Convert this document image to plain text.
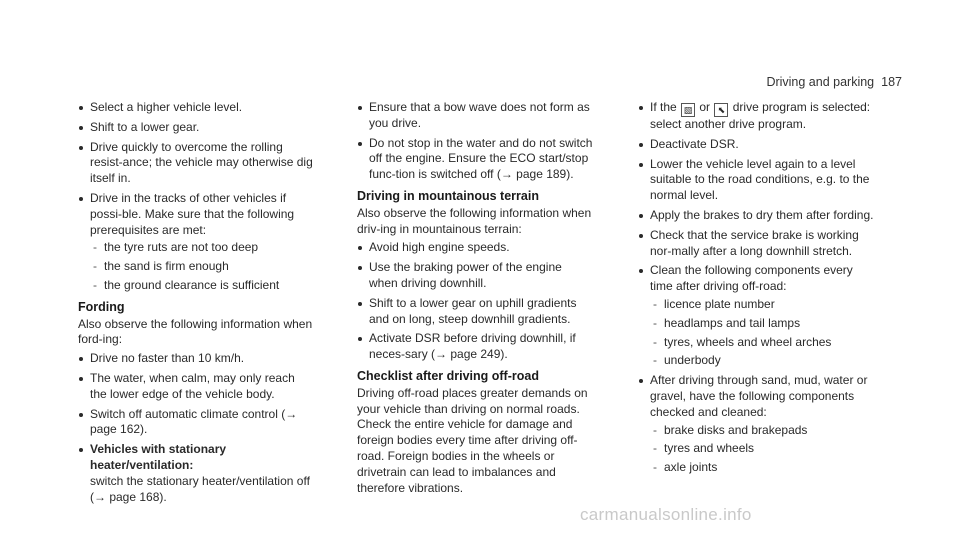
Driving and parking 187
Select a higher vehicle level.
Shift to a lower gear.
Drive quickly to overcome the rolling resist-ance; the vehicle may otherwise dig itself in.
Drive in the tracks of other vehicles if possi-ble. Make sure that the following prerequisites are met:
- the tyre ruts are not too deep
- the sand is firm enough
- the ground clearance is sufficient
Fording

Also observe the following information when ford-ing:

Drive no faster than 10 km/h.
The water, when calm, may only reach the lower edge of the vehicle body.
Switch off automatic climate control (→ page 162).
Vehicles with stationary heater/ventilation:
switch the stationary heater/ventilation off (→ page 168).
Ensure that a bow wave does not form as you drive.
Do not stop in the water and do not switch off the engine. Ensure the ECO start/stop func-tion is switched off (→ page 189).
Driving in mountainous terrain

Also observe the following information when driv-ing in mountainous terrain:

Avoid high engine speeds.
Use the braking power of the engine when driving downhill.
Shift to a lower gear on uphill gradients and on long, steep downhill gradients.
Activate DSR before driving downhill, if neces-sary (→ page 249).
Checklist after driving off-road

Driving off-road places greater demands on your vehicle than driving on normal roads. Check the entire vehicle for damage and foreign bodies every time after driving off-road. Foreign bodies in the wheels or drivetrain can lead to imbalances and therefore vibrations.

If the ▧ or ⬉ drive program is selected: select another drive program.
Deactivate DSR.
Lower the vehicle level again to a level suitable to the road conditions, e.g. to the normal level.
Apply the brakes to dry them after fording.
Check that the service brake is working nor-mally after a long downhill stretch.
Clean the following components every time after driving off-road:
- licence plate number
- headlamps and tail lamps
- tyres, wheels and wheel arches
- underbody
After driving through sand, mud, water or gravel, have the following components checked and cleaned:
- brake disks and brakepads
- tyres and wheels
- axle joints
carmanualsonline.info
